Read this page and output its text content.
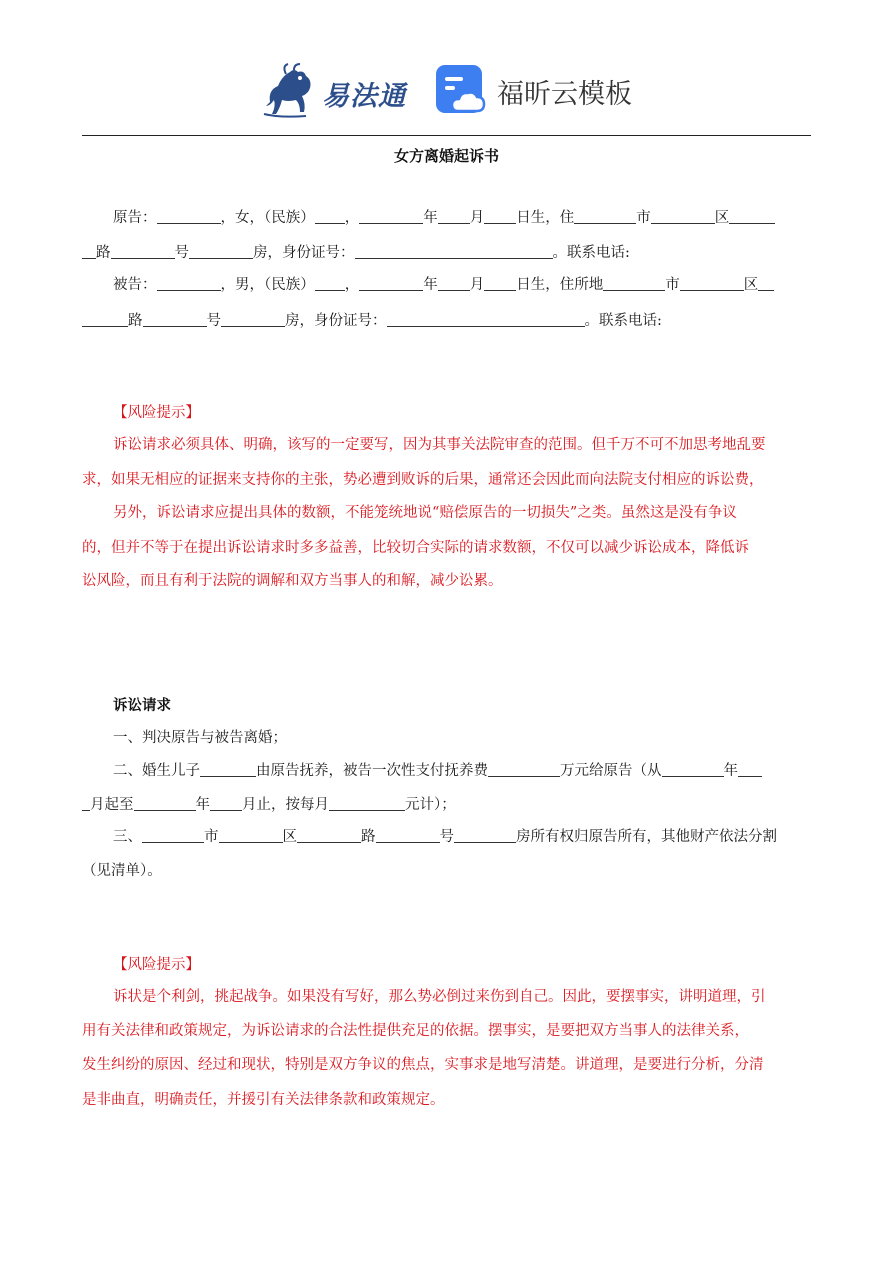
易法通	福昕云模板
女方离婚起诉书
原告：	，女，（民族） ，	年 月 日生，住	市	区
路	号	房，身份证号：	。联系电话:
被告：	，男，（民族） ，	年 月 日生，住所地	市	区
路	号	房，身份证号：	。联系电话:
【风险提示】
诉讼请求必须具体、明确，该写的一定要写，因为其事关法院审查的范围。但千万不可不加思考地乱要
求，如果无相应的证据来支持你的主张，势必遭到败诉的后果，通常还会因此而向法院支付相应的诉讼费，
另外，诉讼请求应提出具体的数额，不能笼统地说“赔偿原告的一切损失”之类。虽然这是没有争议
的，但并不等于在提出诉讼请求时多多益善，比较切合实际的请求数额，不仅可以减少诉讼成本，降低诉
讼风险，而且有利于法院的调解和双方当事人的和解，减少讼累。
诉讼请求
一、判决原告与被告离婚；
二、婚生儿子	由原告抚养，被告一次性支付抚养费	万元给原告（从	年
月起至	年 月止，按每月	元计）；
三、	市	区	路	号	房所有权归原告所有，其他财产依法分割
（见清单）。
【风险提示】
诉状是个利剑，挑起战争。如果没有写好，那么势必倒过来伤到自己。因此，要摆事实，讲明道理，引
用有关法律和政策规定，为诉讼请求的合法性提供充足的依据。摆事实，是要把双方当事人的法律关系，
发生纠纷的原因、经过和现状，特别是双方争议的焦点，实事求是地写清楚。讲道理，是要进行分析，分清
是非曲直，明确责任，并援引有关法律条款和政策规定。
